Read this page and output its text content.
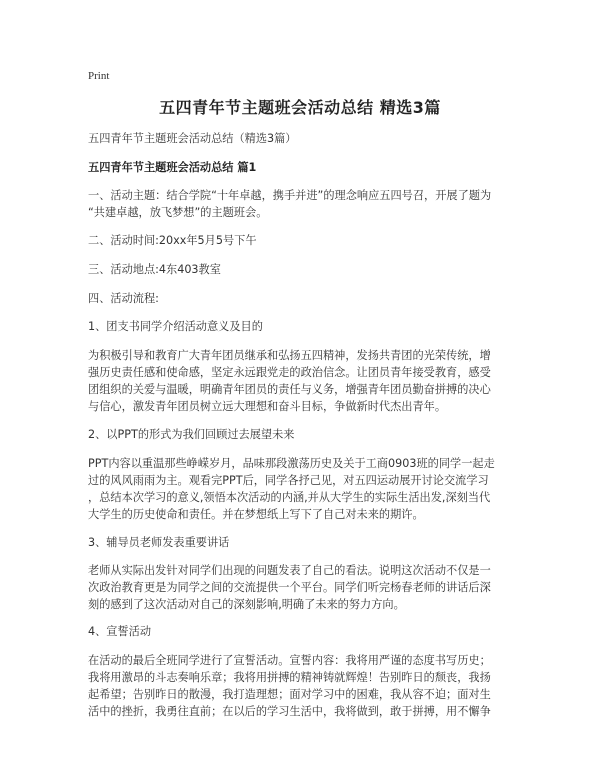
Print
五四青年节主题班会活动总结 精选3篇
五四青年节主题班会活动总结（精选3篇）
五四青年节主题班会活动总结 篇1
一、活动主题：结合学院“十年卓越，携手并进”的理念响应五四号召，开展了题为
“共建卓越，放飞梦想”的主题班会。
二、活动时间:20xx年5月5号下午
三、活动地点:4东403教室
四、活动流程:
1、团支书同学介绍活动意义及目的
为积极引导和教育广大青年团员继承和弘扬五四精神，发扬共青团的光荣传统，增
强历史责任感和使命感，坚定永远跟党走的政治信念。让团员青年接受教育，感受
团组织的关爱与温暖，明确青年团员的责任与义务，增强青年团员勤奋拼搏的决心
与信心，激发青年团员树立远大理想和奋斗目标，争做新时代杰出青年。
2、以PPT的形式为我们回顾过去展望未来
PPT内容以重温那些峥嵘岁月，品味那段激荡历史及关于工商0903班的同学一起走
过的风风雨雨为主。观看完PPT后，同学各抒己见，对五四运动展开讨论交流学习
，总结本次学习的意义,领悟本次活动的内涵,并从大学生的实际生活出发,深刻当代
大学生的历史使命和责任。并在梦想纸上写下了自己对未来的期许。
3、辅导员老师发表重要讲话
老师从实际出发针对同学们出现的问题发表了自己的看法。说明这次活动不仅是一
次政治教育更是为同学之间的交流提供一个平台。同学们听完杨春老师的讲话后深
刻的感到了这次活动对自己的深刻影响,明确了未来的努力方向。
4、宣誓活动
在活动的最后全班同学进行了宣誓活动。宣誓内容：我将用严谨的态度书写历史；
我将用激昂的斗志奏响乐章；我将用拼搏的精神铸就辉煌！告别昨日的颓丧，我扬
起希望；告别昨日的散漫，我打造理想；面对学习中的困难，我从容不迫；面对生
活中的挫折，我勇往直前；在以后的学习生活中，我将做到，敢于拼搏，用不懈争
